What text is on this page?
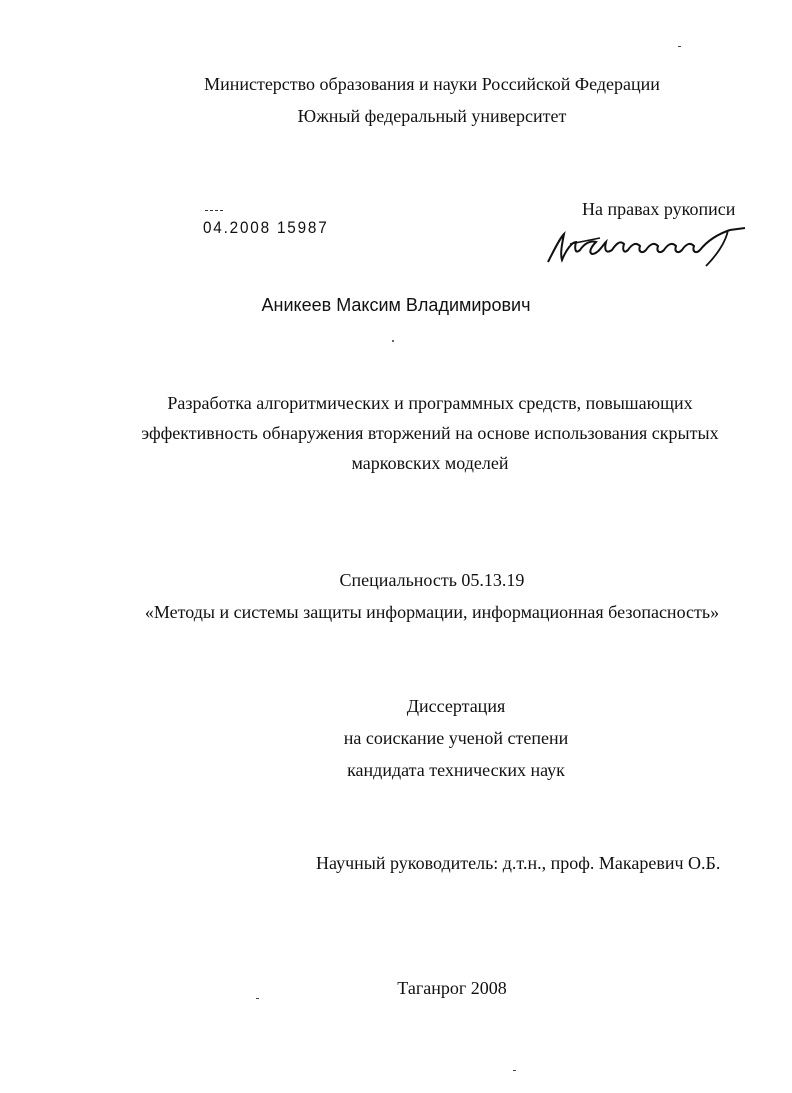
Министерство образования и науки Российской Федерации
Южный федеральный университет
04.2008 15987
На правах рукописи
Аникеев Максим Владимирович
Разработка алгоритмических и программных средств, повышающих
эффективность обнаружения вторжений на основе использования скрытых
марковских моделей
Специальность 05.13.19
«Методы и системы защиты информации, информационная безопасность»
Диссертация
на соискание ученой степени
кандидата технических наук
Научный руководитель: д.т.н., проф. Макаревич О.Б.
Таганрог 2008
